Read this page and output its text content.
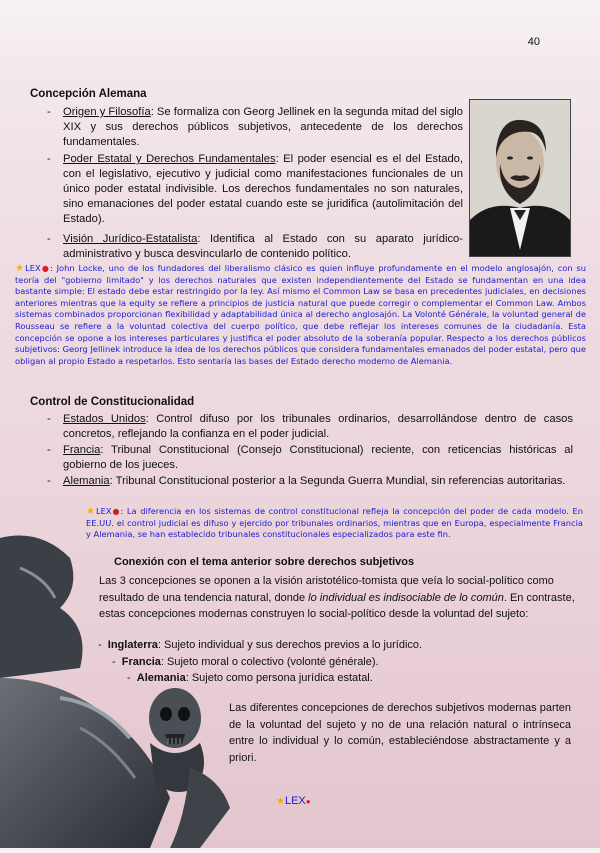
40
Concepción Alemana
- Origen y Filosofía: Se formaliza con Georg Jellinek en la segunda mitad del siglo XIX y sus derechos públicos subjetivos, antecedente de los derechos fundamentales.
- Poder Estatal y Derechos Fundamentales: El poder esencial es el del Estado, con el legislativo, ejecutivo y judicial como manifestaciones funcionales de un único poder estatal indivisible. Los derechos fundamentales no son naturales, sino emanaciones del poder estatal cuando este se juridifica (autolimitación del Estado).
- Visión Jurídico-Estatalista: Identifica al Estado con su aparato jurídico-administrativo y busca desvincularlo de contenido político.
★LEX●: John Locke, uno de los fundadores del liberalismo clásico es quien influye profundamente en el modelo anglosajón, con su teoría del "gobierno limitado" y los derechos naturales que existen independientemente del Estado se fundamentan en una idea bastante simple: El estado debe estar restringido por la ley. Así mismo el Common Law se basa en precedentes judiciales, en decisiones anteriores mientras que la equity se refiere a principios de justicia natural que puede corregir o complementar el Common Law. Ambos sistemas combinados proporcionan flexibilidad y adaptabilidad única al derecho anglosajón. La Volonté Générale, la voluntad general de Rousseau se refiere a la voluntad colectiva del cuerpo político, que debe reflejar los intereses comunes de la ciudadanía. Esta concepción se opone a los intereses particulares y justifica el poder absoluto de la soberanía popular. Respecto a los derechos públicos subjetivos: Georg Jellinek introduce la idea de los derechos públicos que considera fundamentales emanados del poder estatal, pero que obligan al propio Estado a respetarlos. Esto sentaría las bases del Estado derecho moderno de Alemania.
Control de Constitucionalidad
- Estados Unidos: Control difuso por los tribunales ordinarios, desarrollándose dentro de casos concretos, reflejando la confianza en el poder judicial.
- Francia: Tribunal Constitucional (Consejo Constitucional) reciente, con reticencias históricas al gobierno de los jueces.
- Alemania: Tribunal Constitucional posterior a la Segunda Guerra Mundial, sin referencias autoritarias.
★LEX●: La diferencia en los sistemas de control constitucional refleja la concepción del poder de cada modelo. En EE.UU. el control judicial es difuso y ejercido por tribunales ordinarios, mientras que en Europa, especialmente Francia y Alemania, se han establecido tribunales constitucionales especializados para este fin.
Conexión con el tema anterior sobre derechos subjetivos
Las 3 concepciones se oponen a la visión aristotélico-tomista que veía lo social-político como resultado de una tendencia natural, donde lo individual es indisociable de lo común. En contraste, estas concepciones modernas construyen lo social-político desde la voluntad del sujeto:
-  Inglaterra: Sujeto individual y sus derechos previos a lo jurídico.
-  Francia: Sujeto moral o colectivo (volonté générale).
-  Alemania: Sujeto como persona jurídica estatal.
Las diferentes concepciones de derechos subjetivos modernas parten de la voluntad del sujeto y no de una relación natural o intrínseca entre lo individual y lo común, estableciéndose abstractamente y a priori.
★LEX●
